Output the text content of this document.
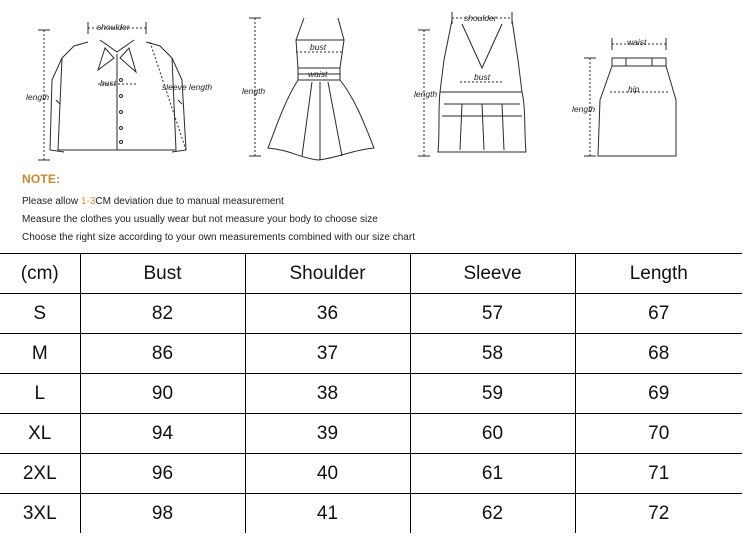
shoulder
bust
length
sleeve length
bust
waist
length
shoulder
bust
length
waist
hip
length
NOTE:
Please allow 1-3CM deviation due to manual measurement
Measure the clothes you usually wear but not measure your body to choose size
Choose the right size according to your own measurements combined with our size chart
(cm)	Bust	Shoulder	Sleeve	Length
S	82	36	57	67
M	86	37	58	68
L	90	38	59	69
XL	94	39	60	70
2XL	96	40	61	71
3XL	98	41	62	72
